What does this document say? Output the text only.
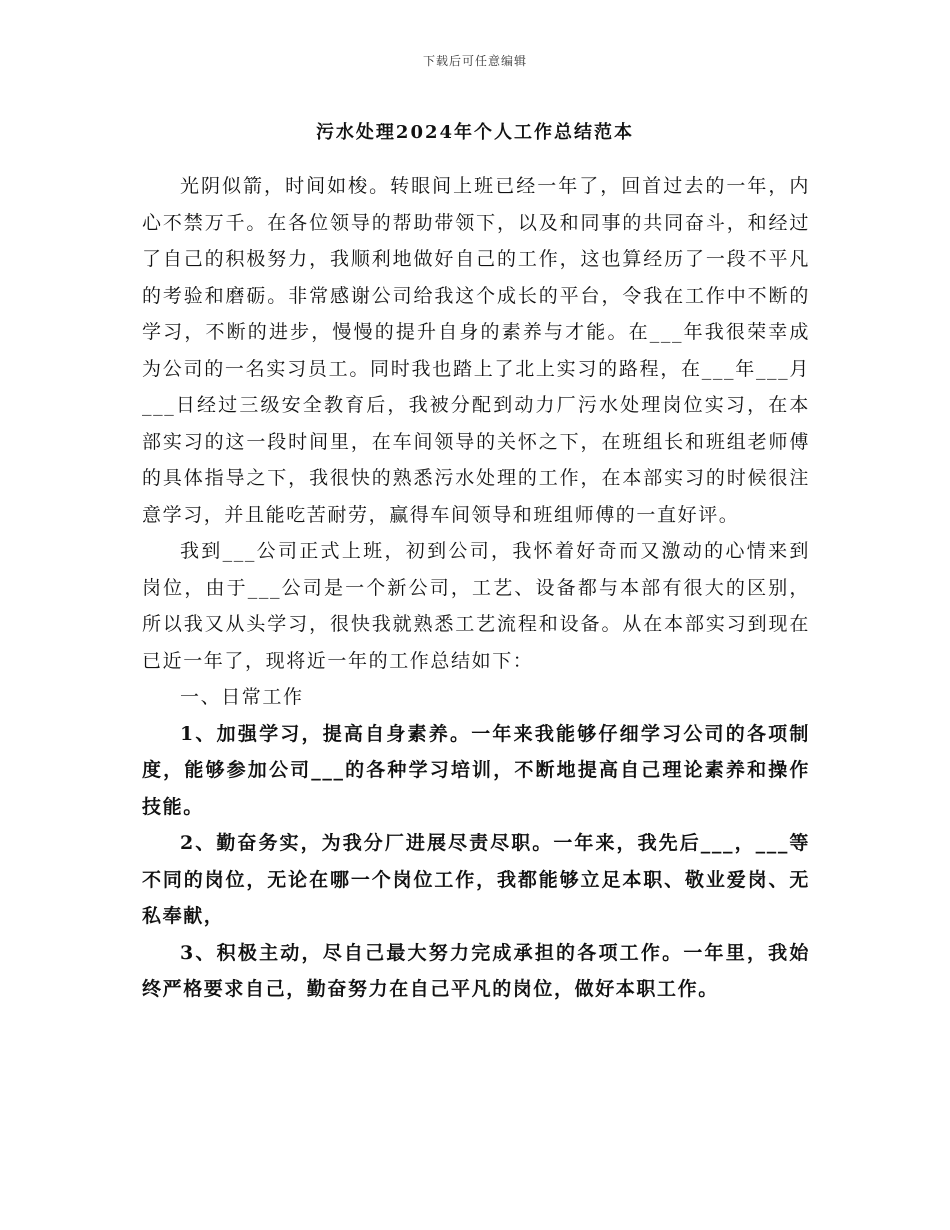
下载后可任意编辑
污水处理2024年个人工作总结范本

光阴似箭，时间如梭。转眼间上班已经一年了，回首过去的一年，内心不禁万千。在各位领导的帮助带领下，以及和同事的共同奋斗，和经过了自己的积极努力，我顺利地做好自己的工作，这也算经历了一段不平凡的考验和磨砺。非常感谢公司给我这个成长的平台，令我在工作中不断的学习，不断的进步，慢慢的提升自身的素养与才能。在___年我很荣幸成为公司的一名实习员工。同时我也踏上了北上实习的路程，在___年___月___日经过三级安全教育后，我被分配到动力厂污水处理岗位实习，在本部实习的这一段时间里，在车间领导的关怀之下，在班组长和班组老师傅的具体指导之下，我很快的熟悉污水处理的工作，在本部实习的时候很注意学习，并且能吃苦耐劳，赢得车间领导和班组师傅的一直好评。

我到___公司正式上班，初到公司，我怀着好奇而又激动的心情来到岗位，由于___公司是一个新公司，工艺、设备都与本部有很大的区别，所以我又从头学习，很快我就熟悉工艺流程和设备。从在本部实习到现在已近一年了，现将近一年的工作总结如下：

一、日常工作

1、加强学习，提高自身素养。一年来我能够仔细学习公司的各项制度，能够参加公司___的各种学习培训，不断地提高自己理论素养和操作技能。

2、勤奋务实，为我分厂进展尽责尽职。一年来，我先后___，___等不同的岗位，无论在哪一个岗位工作，我都能够立足本职、敬业爱岗、无私奉献，

3、积极主动，尽自己最大努力完成承担的各项工作。一年里，我始终严格要求自己，勤奋努力在自己平凡的岗位，做好本职工作。
